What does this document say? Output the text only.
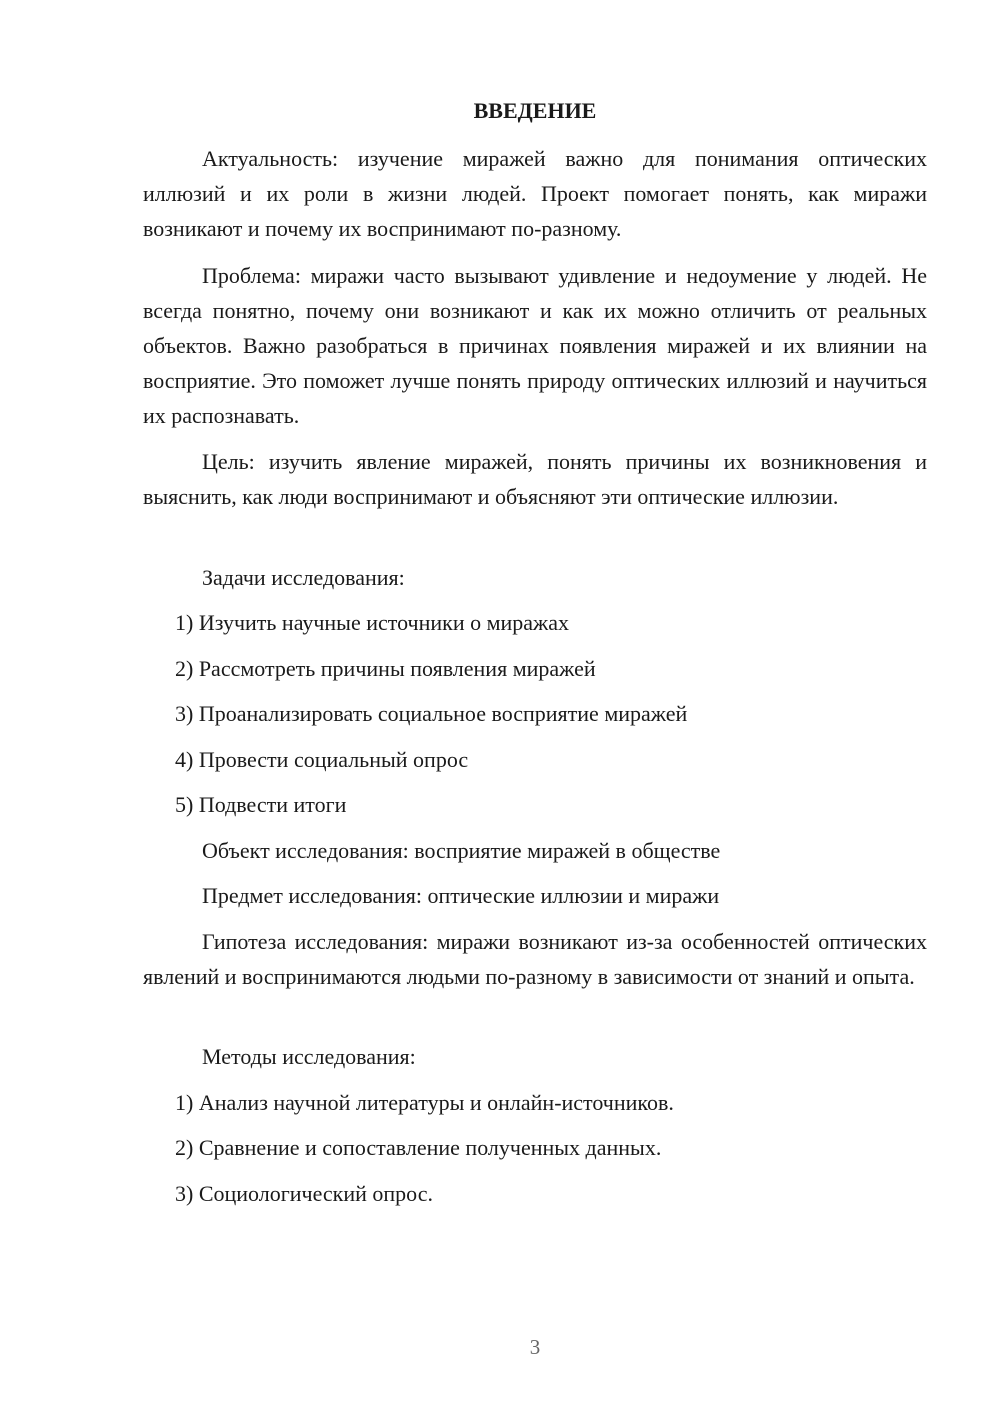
ВВЕДЕНИЕ

Актуальность: изучение миражей важно для понимания оптических иллюзий и их роли в жизни людей. Проект помогает понять, как миражи возникают и почему их воспринимают по-разному.

Проблема: миражи часто вызывают удивление и недоумение у людей. Не всегда понятно, почему они возникают и как их можно отличить от реальных объектов. Важно разобраться в причинах появления миражей и их влиянии на восприятие. Это поможет лучше понять природу оптических иллюзий и научиться их распознавать.

Цель: изучить явление миражей, понять причины их возникновения и выяснить, как люди воспринимают и объясняют эти оптические иллюзии.

Задачи исследования:
1) Изучить научные источники о миражах
2) Рассмотреть причины появления миражей
3) Проанализировать социальное восприятие миражей
4) Провести социальный опрос
5) Подвести итоги
Объект исследования: восприятие миражей в обществе
Предмет исследования: оптические иллюзии и миражи

Гипотеза исследования: миражи возникают из-за особенностей оптических явлений и воспринимаются людьми по-разному в зависимости от знаний и опыта.

Методы исследования:
1) Анализ научной литературы и онлайн-источников.
2) Сравнение и сопоставление полученных данных.
3) Социологический опрос.
3
